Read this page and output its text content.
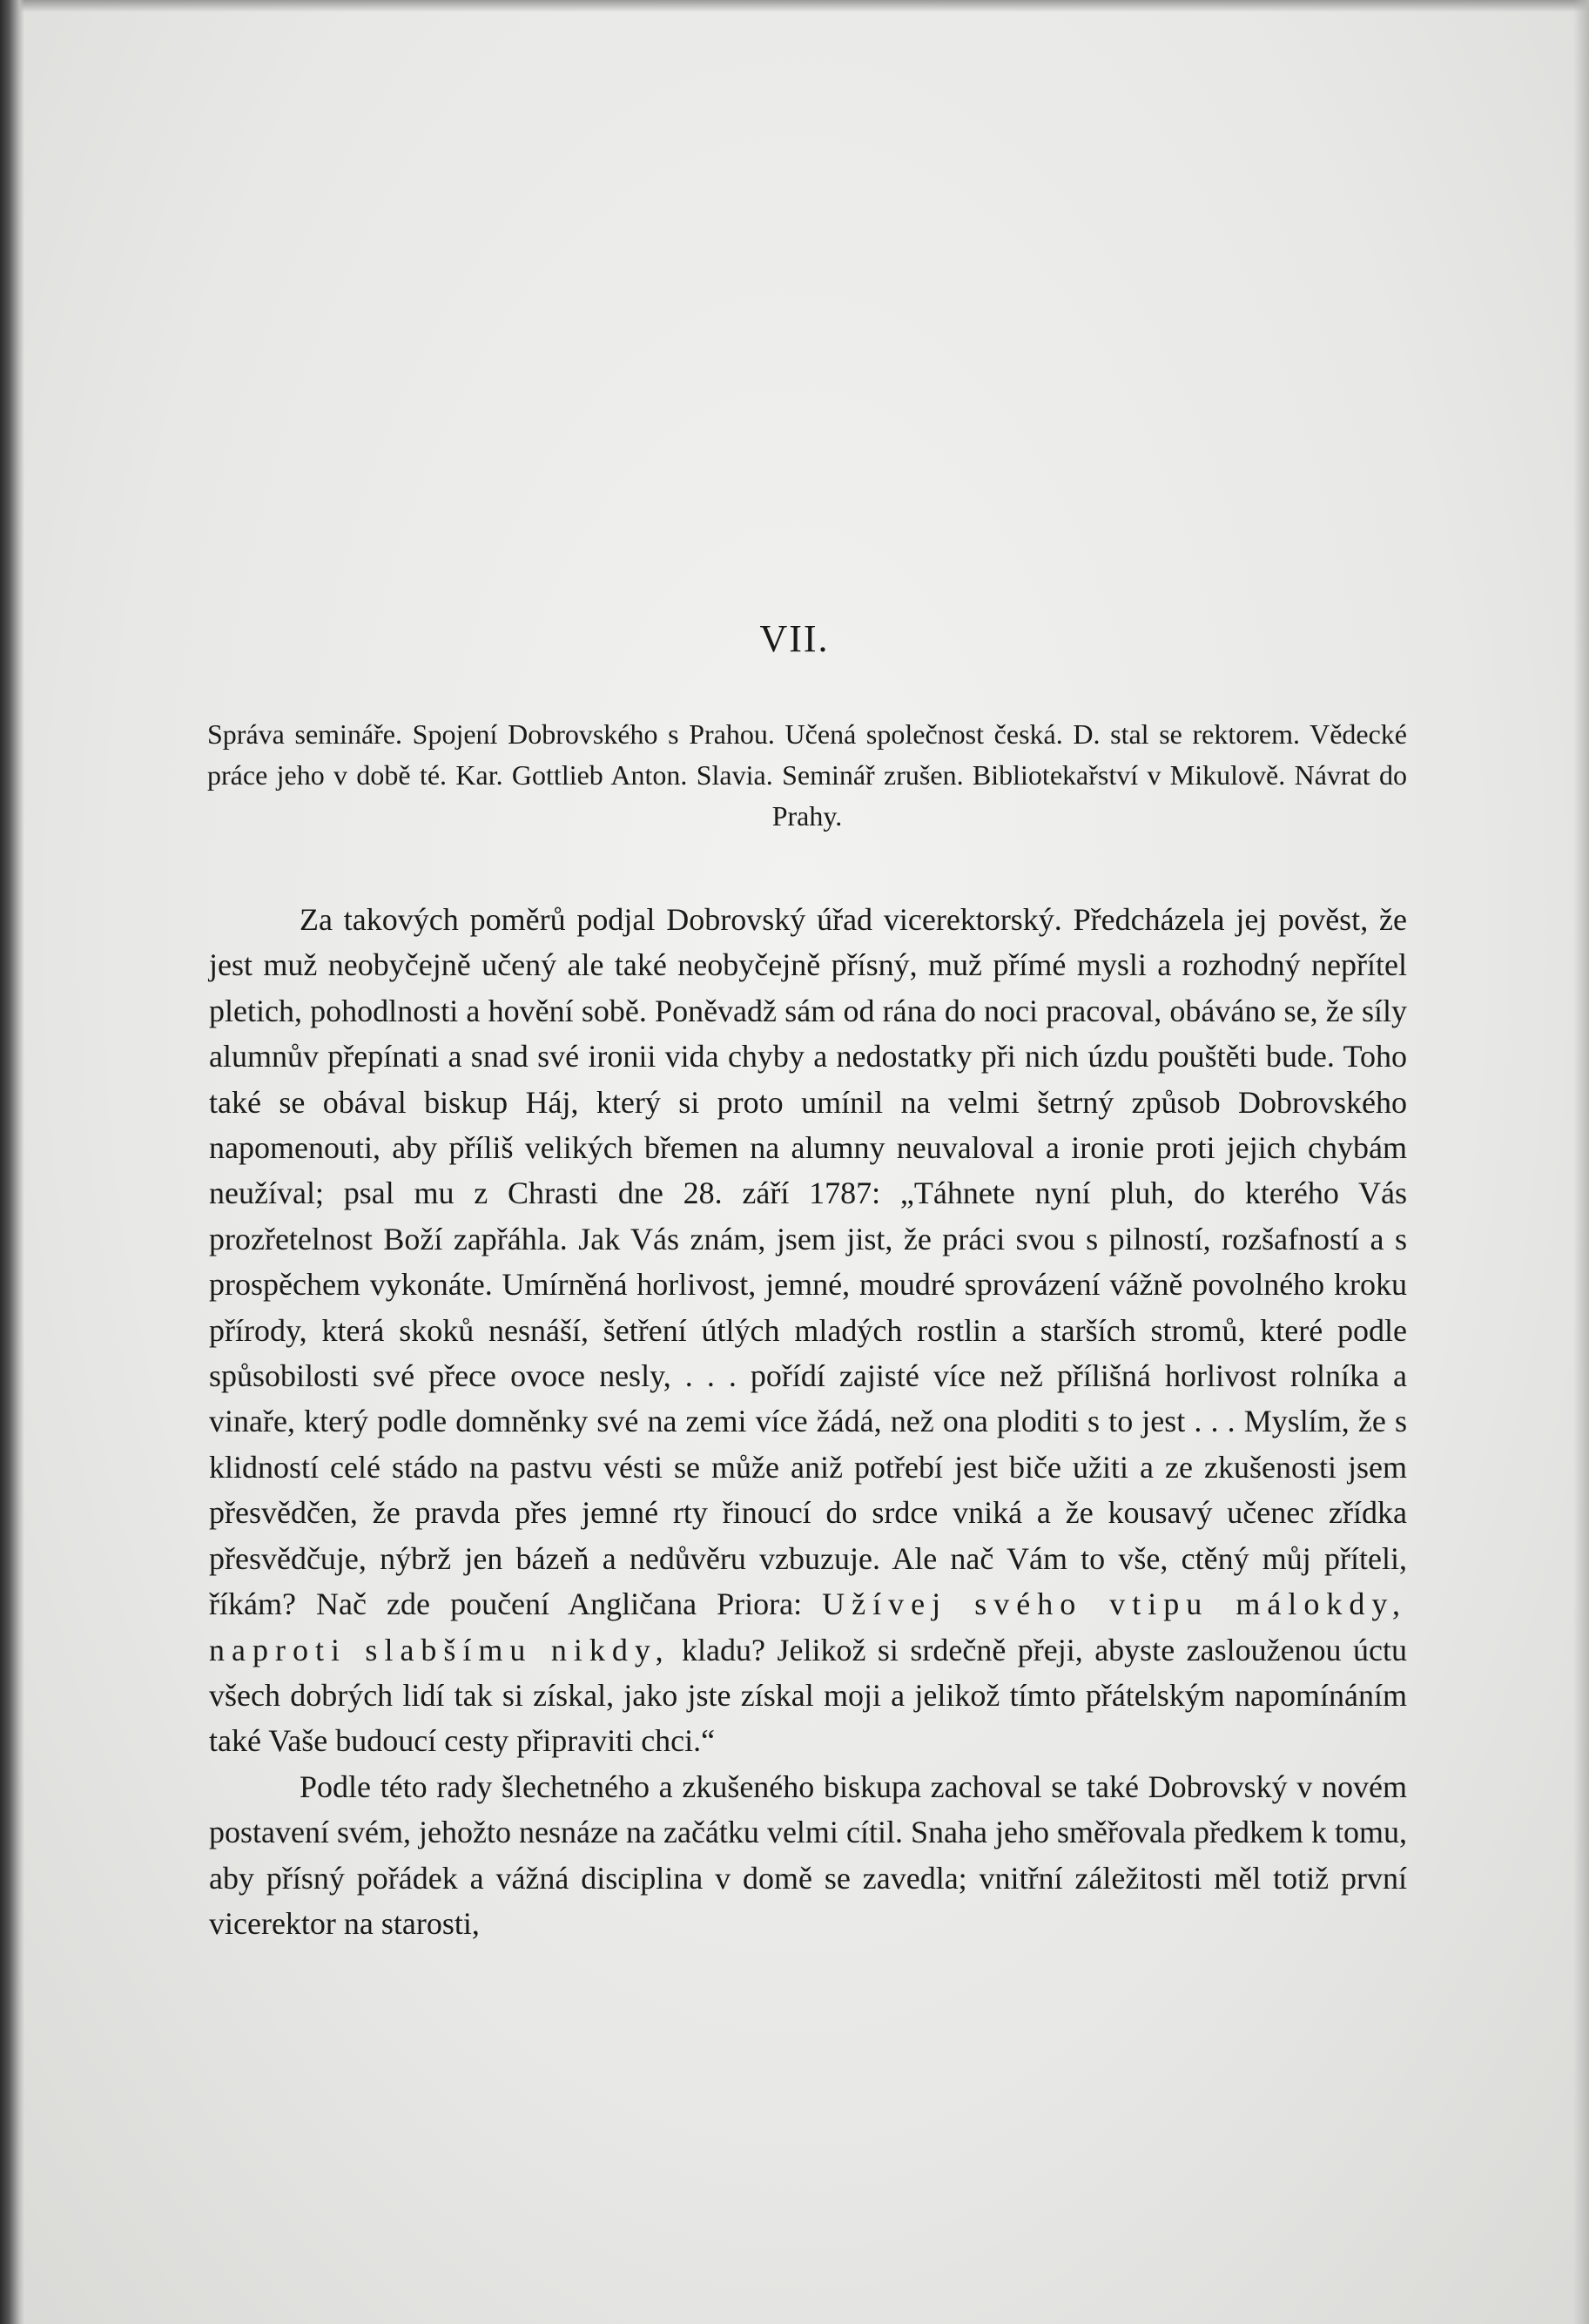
VII.
Správa semináře. Spojení Dobrovského s Prahou. Učená společnost česká. D. stal se rektorem. Vědecké práce jeho v době té. Kar. Gottlieb Anton. Slavia. Seminář zrušen. Bibliotekařství v Mikulově. Návrat do Prahy.

Za takových poměrů podjal Dobrovský úřad vicerektorský. Předcházela jej pověst, že jest muž neobyčejně učený ale také neobyčejně přísný, muž přímé mysli a rozhodný nepřítel pletich, pohodlnosti a hovění sobě. Poněvadž sám od rána do noci pracoval, obáváno se, že síly alumnův přepínati a snad své ironii vida chyby a nedostatky při nich úzdu pouštěti bude. Toho také se obával biskup Háj, který si proto umínil na velmi šetrný způsob Dobrovského napomenouti, aby příliš velikých břemen na alumny neuvaloval a ironie proti jejich chybám neužíval; psal mu z Chrasti dne 28. září 1787: „Táhnete nyní pluh, do kterého Vás prozřetelnost Boží zapřáhla. Jak Vás znám, jsem jist, že práci svou s pilností, rozšafností a s prospěchem vykonáte. Umírněná horlivost, jemné, moudré sprovázení vážně povolného kroku přírody, která skoků nesnáší, šetření útlých mladých rostlin a starších stromů, které podle spůsobilosti své přece ovoce nesly, . . . pořídí zajisté více než přílišná horlivost rolníka a vinaře, který podle domněnky své na zemi více žádá, než ona ploditi s to jest . . . Myslím, že s klidností celé stádo na pastvu vésti se může aniž potřebí jest biče užiti a ze zkušenosti jsem přesvědčen, že pravda přes jemné rty řinoucí do srdce vniká a že kousavý učenec zřídka přesvědčuje, nýbrž jen bázeň a nedůvěru vzbuzuje. Ale nač Vám to vše, ctěný můj příteli, říkám? Nač zde poučení Angličana Priora: Užívej svého vtipu málokdy, naproti slabšímu nikdy, kladu? Jelikož si srdečně přeji, abyste zaslouženou úctu všech dobrých lidí tak si získal, jako jste získal moji a jelikož tímto přátelským napomínáním také Vaše budoucí cesty připraviti chci.“

Podle této rady šlechetného a zkušeného biskupa zachoval se také Dobrovský v novém postavení svém, jehožto nesnáze na začátku velmi cítil. Snaha jeho směřovala předkem k tomu, aby přísný pořádek a vážná disciplina v domě se zavedla; vnitřní záležitosti měl totiž první vicerektor na starosti,
